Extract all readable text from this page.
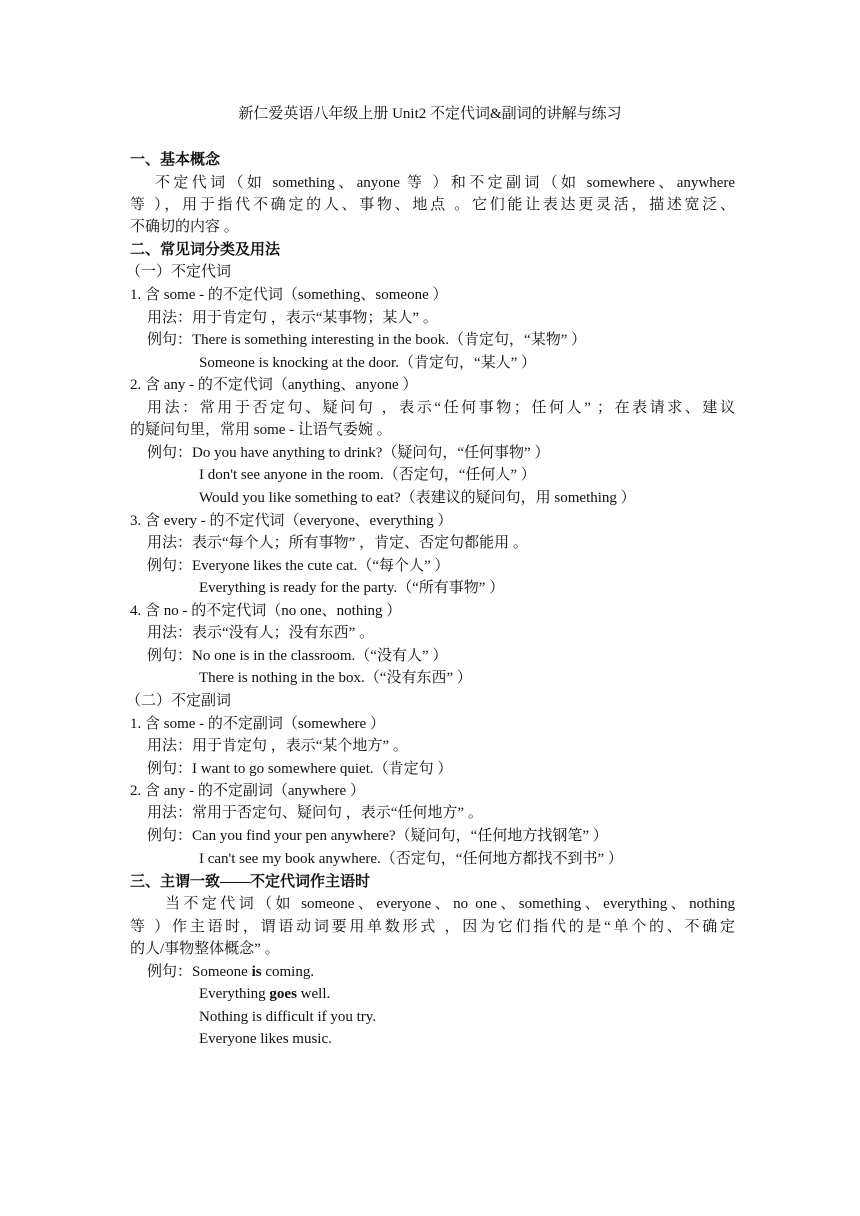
新仁爱英语八年级上册 Unit2 不定代词&副词的讲解与练习
一、基本概念
不定代词（如 something、anyone 等 ）和不定副词（如 somewhere、anywhere
等 ），用于指代不确定的人、事物、地点 。它们能让表达更灵活，描述宽泛、
不确切的内容 。
二、常见词分类及用法
（一）不定代词
1. 含 some - 的不定代词（something、someone ）
用法：用于肯定句 ，表示“某事物；某人” 。
例句：There is something interesting in the book.（肯定句，“某物” ）
Someone is knocking at the door.（肯定句，“某人” ）
2. 含 any - 的不定代词（anything、anyone ）
用法：常用于否定句、疑问句 ，表示“任何事物；任何人” ；在表请求、建议
的疑问句里，常用 some - 让语气委婉 。
例句：Do you have anything to drink?（疑问句，“任何事物” ）
I don't see anyone in the room.（否定句，“任何人” ）
Would you like something to eat?（表建议的疑问句，用 something ）
3. 含 every - 的不定代词（everyone、everything ）
用法：表示“每个人；所有事物” ，肯定、否定句都能用 。
例句：Everyone likes the cute cat.（“每个人” ）
Everything is ready for the party.（“所有事物” ）
4. 含 no - 的不定代词（no one、nothing ）
用法：表示“没有人；没有东西” 。
例句：No one is in the classroom.（“没有人” ）
There is nothing in the box.（“没有东西” ）
（二）不定副词
1. 含 some - 的不定副词（somewhere ）
用法：用于肯定句 ，表示“某个地方” 。
例句：I want to go somewhere quiet.（肯定句 ）
2. 含 any - 的不定副词（anywhere ）
用法：常用于否定句、疑问句 ，表示“任何地方” 。
例句：Can you find your pen anywhere?（疑问句，“任何地方找钢笔” ）
I can't see my book anywhere.（否定句，“任何地方都找不到书” ）
三、主谓一致——不定代词作主语时
当不定代词（如 someone、everyone、no one、something、everything、nothing
等 ）作主语时，谓语动词要用单数形式 ，因为它们指代的是“单个的、不确定
的人/事物整体概念” 。
例句：Someone is coming.
Everything goes well.
Nothing is difficult if you try.
Everyone likes music.
